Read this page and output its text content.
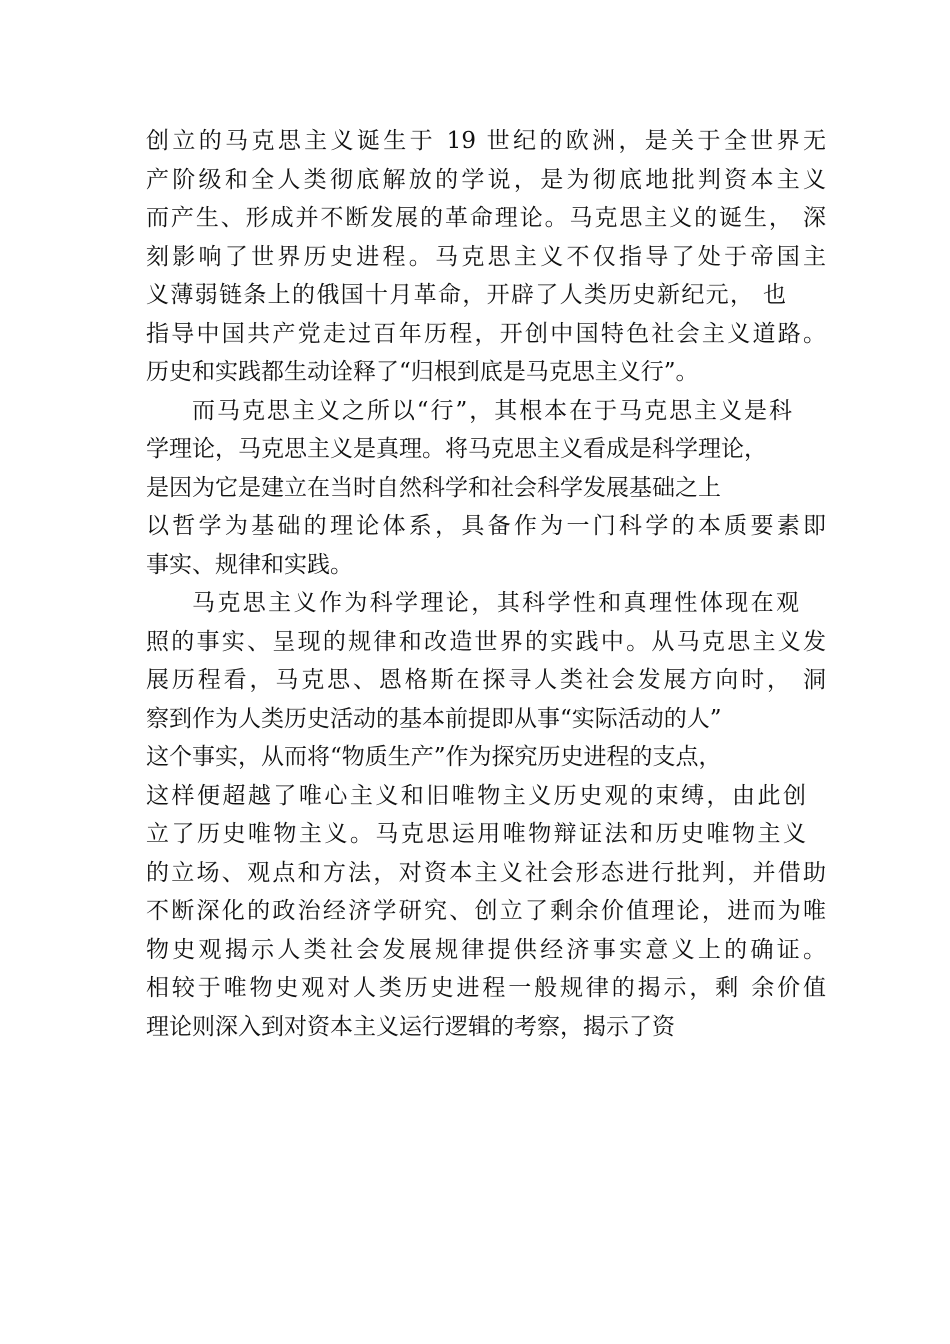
创立的马克思主义诞生于 19 世纪的欧洲，是关于全世界无
产阶级和全人类彻底解放的学说，是为彻底地批判资本主义
而产生、形成并不断发展的革命理论。马克思主义的诞生， 深
刻影响了世界历史进程。马克思主义不仅指导了处于帝国主
义薄弱链条上的俄国十月革命，开辟了人类历史新纪元， 也
指导中国共产党走过百年历程，开创中国特色社会主义道路。
历史和实践都生动诠释了“归根到底是马克思主义行”。
而马克思主义之所以“行”，其根本在于马克思主义是科
学理论，马克思主义是真理。将马克思主义看成是科学理论，
是因为它是建立在当时自然科学和社会科学发展基础之上
以哲学为基础的理论体系，具备作为一门科学的本质要素即
事实、规律和实践。
马克思主义作为科学理论，其科学性和真理性体现在观
照的事实、呈现的规律和改造世界的实践中。从马克思主义发
展历程看，马克思、恩格斯在探寻人类社会发展方向时， 洞
察到作为人类历史活动的基本前提即从事“实际活动的人”
这个事实，从而将“物质生产”作为探究历史进程的支点，
这样便超越了唯心主义和旧唯物主义历史观的束缚，由此创
立了历史唯物主义。马克思运用唯物辩证法和历史唯物主义
的立场、观点和方法，对资本主义社会形态进行批判，并借助
不断深化的政治经济学研究、创立了剩余价值理论，进而为唯
物史观揭示人类社会发展规律提供经济事实意义上的确证。
相较于唯物史观对人类历史进程一般规律的揭示，剩 余价值
理论则深入到对资本主义运行逻辑的考察，揭示了资
